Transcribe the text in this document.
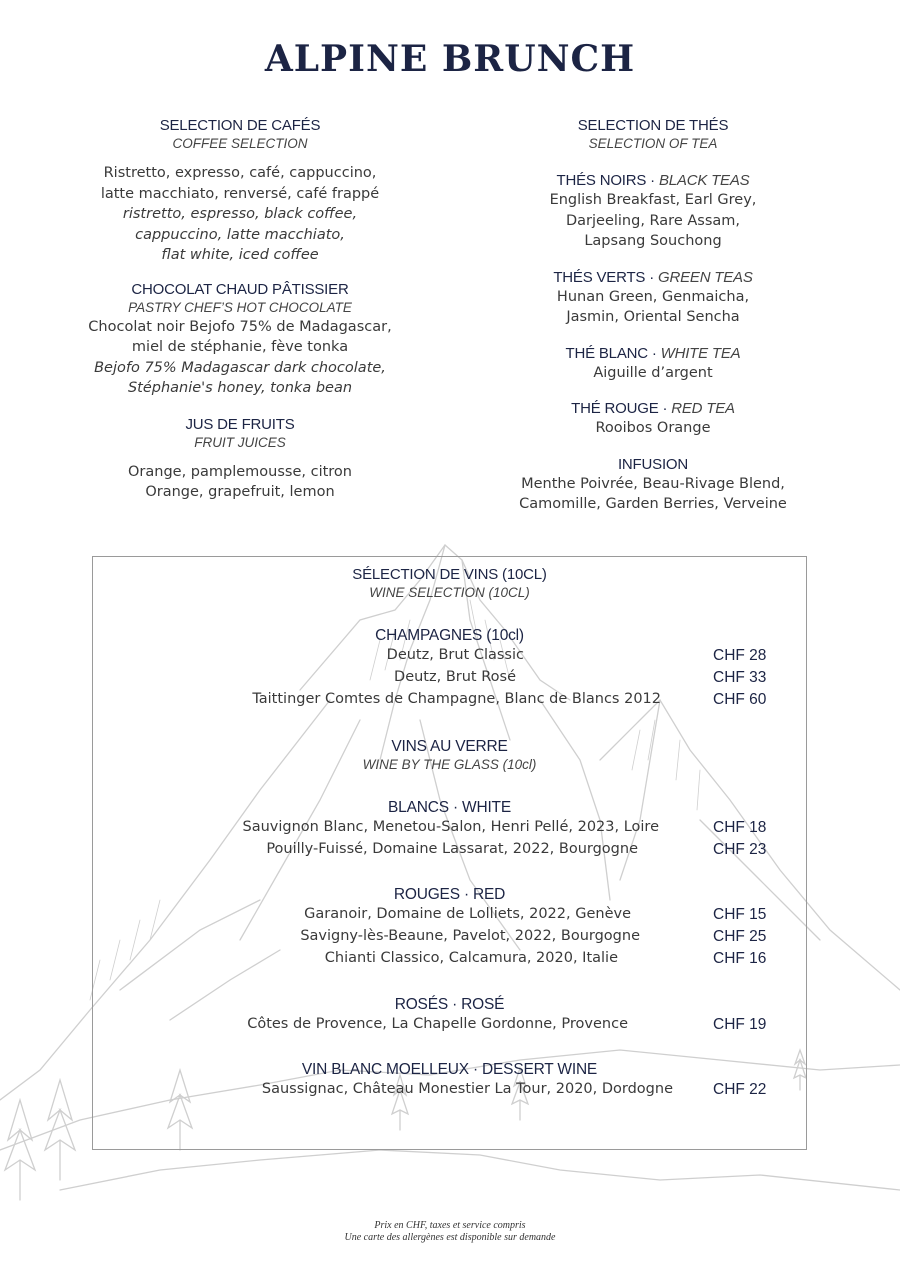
ALPINE BRUNCH
SELECTION DE CAFÉS
COFFEE SELECTION
Ristretto, expresso, café, cappuccino,
latte macchiato, renversé, café frappé
ristretto, espresso, black coffee,
cappuccino, latte macchiato,
flat white, iced coffee
CHOCOLAT CHAUD PÂTISSIER
PASTRY CHEF’S HOT CHOCOLATE
Chocolat noir Bejofo 75% de Madagascar,
miel de stéphanie, fève tonka
Bejofo 75% Madagascar dark chocolate,
Stéphanie's honey, tonka bean
JUS DE FRUITS
FRUIT JUICES
Orange, pamplemousse, citron
Orange, grapefruit, lemon
SELECTION DE THÉS
SELECTION OF TEA
THÉS NOIRS · BLACK TEAS
English Breakfast, Earl Grey,
Darjeeling, Rare Assam,
Lapsang Souchong
THÉS VERTS · GREEN TEAS
Hunan Green, Genmaicha,
Jasmin, Oriental Sencha
THÉ BLANC · WHITE TEA
Aiguille d’argent
THÉ ROUGE · RED TEA
Rooibos Orange
INFUSION
Menthe Poivrée, Beau-Rivage Blend,
Camomille, Garden Berries, Verveine
SÉLECTION DE VINS (10CL)
WINE SELECTION (10CL)
CHAMPAGNES (10cl)
Deutz, Brut Classic	CHF 28
Deutz, Brut Rosé	CHF 33
Taittinger Comtes de Champagne, Blanc de Blancs 2012	CHF 60
VINS AU VERRE
WINE BY THE GLASS (10cl)
BLANCS · WHITE
Sauvignon Blanc, Menetou-Salon, Henri Pellé, 2023, Loire	CHF 18
Pouilly-Fuissé, Domaine Lassarat, 2022, Bourgogne	CHF 23
ROUGES · RED
Garanoir, Domaine de Lolliets, 2022, Genève	CHF 15
Savigny-lès-Beaune, Pavelot, 2022, Bourgogne	CHF 25
Chianti Classico, Calcamura, 2020, Italie	CHF 16
ROSÉS · ROSÉ
Côtes de Provence, La Chapelle Gordonne, Provence	CHF 19
VIN BLANC MOELLEUX · DESSERT WINE
Saussignac, Château Monestier La Tour, 2020, Dordogne	CHF 22
Prix en CHF, taxes et service compris
Une carte des allergènes est disponible sur demande
